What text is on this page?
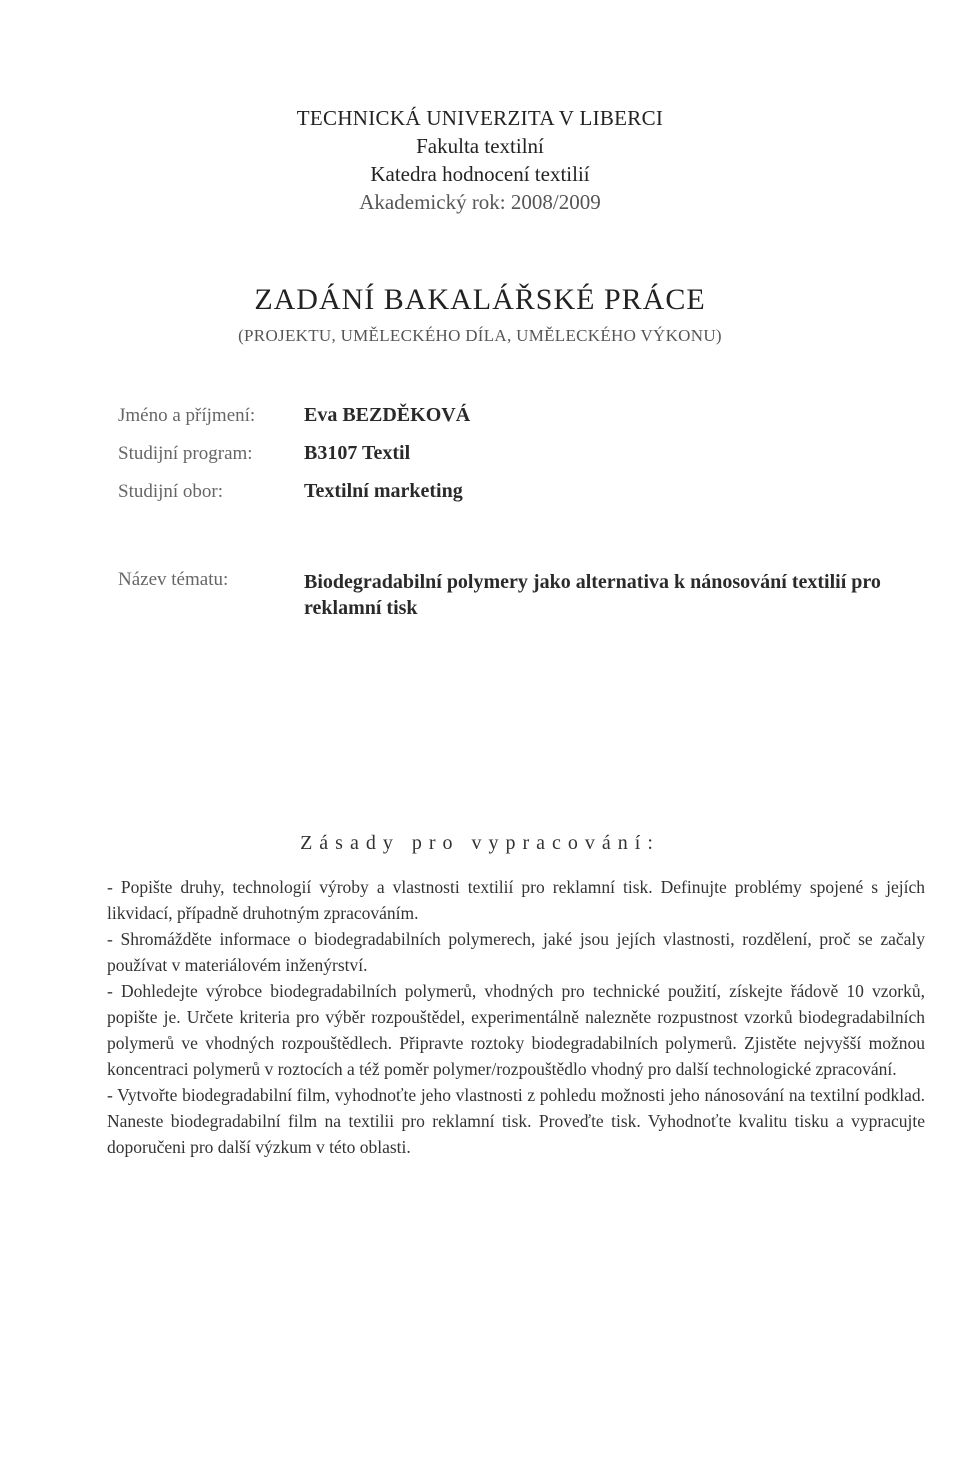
TECHNICKÁ UNIVERZITA V LIBERCI
Fakulta textilní
Katedra hodnocení textilií
Akademický rok: 2008/2009
ZADÁNÍ BAKALÁŘSKÉ PRÁCE
(PROJEKTU, UMĚLECKÉHO DÍLA, UMĚLECKÉHO VÝKONU)
Jméno a příjmení:	Eva BEZDĚKOVÁ
Studijní program:	B3107 Textil
Studijní obor:	Textilní marketing
Název tématu:	Biodegradabilní polymery jako alternativa k nánosování textilií pro reklamní tisk
Zásady pro vypracování:

- Popište druhy, technologií výroby a vlastnosti textilií pro reklamní tisk. Definujte problémy spojené s jejích likvidací, případně druhotným zpracováním.

- Shromážděte informace o biodegradabilních polymerech, jaké jsou jejích vlastnosti, rozdělení, proč se začaly používat v materiálovém inženýrství.

- Dohledejte výrobce biodegradabilních polymerů, vhodných pro technické použití, získejte řádově 10 vzorků, popište je. Určete kriteria pro výběr rozpouštědel, experimentálně nalezněte rozpustnost vzorků biodegradabilních polymerů ve vhodných rozpouštědlech. Připravte roztoky biodegradabilních polymerů. Zjistěte nejvyšší možnou koncentraci polymerů v roztocích a též poměr polymer/rozpouštědlo vhodný pro další technologické zpracování.

- Vytvořte biodegradabilní film, vyhodnoťte jeho vlastnosti z pohledu možnosti jeho nánosování na textilní podklad. Naneste biodegradabilní film na textilii pro reklamní tisk. Proveďte tisk. Vyhodnoťte kvalitu tisku a vypracujte doporučeni pro další výzkum v této oblasti.
